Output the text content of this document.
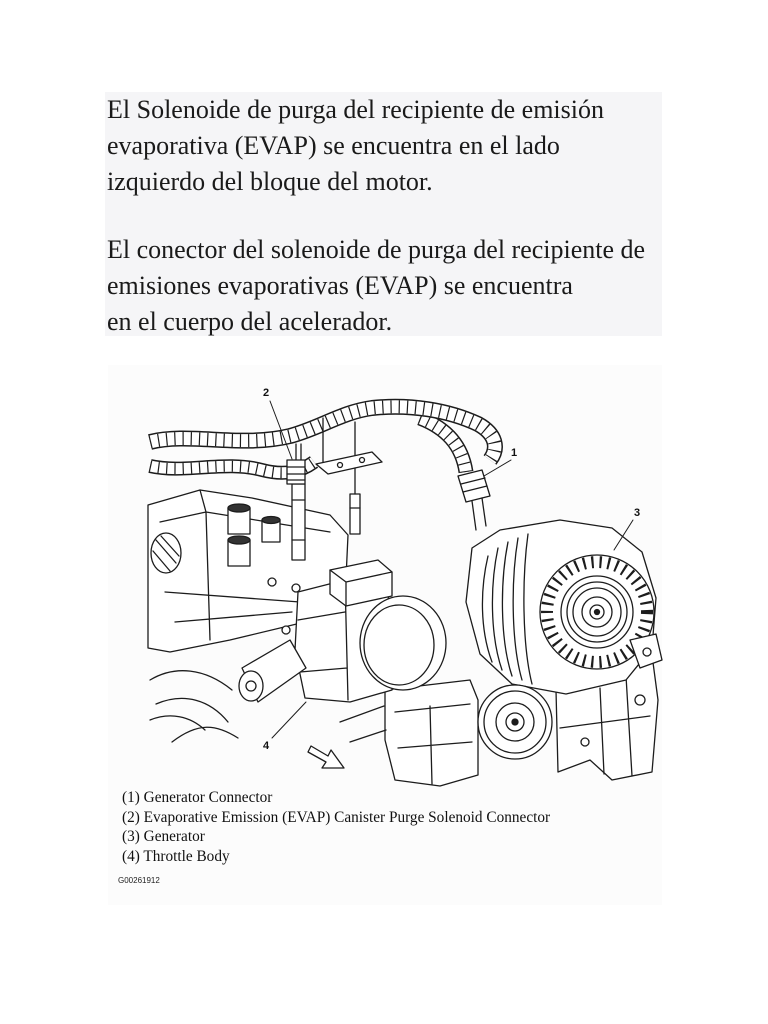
El Solenoide de purga del recipiente de emisión
evaporativa (EVAP) se encuentra en el lado
izquierdo del bloque del motor.
El conector del solenoide de purga del recipiente de
emisiones evaporativas (EVAP) se encuentra
en el cuerpo del acelerador.
1
2
3
4
(1) Generator Connector
(2) Evaporative Emission (EVAP) Canister Purge Solenoid Connector
(3) Generator
(4) Throttle Body
G00261912
